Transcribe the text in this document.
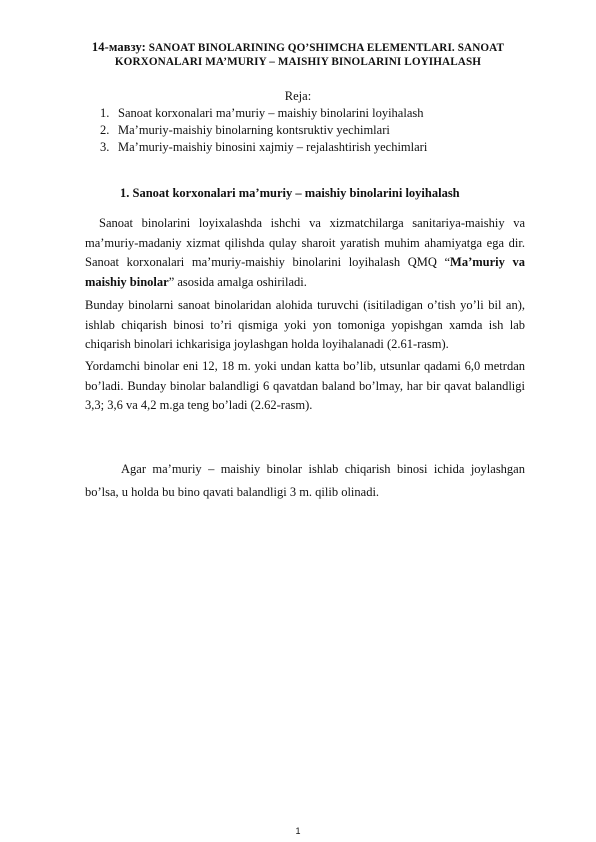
14-мавзу: SANOAT BINOLARINING QO’SHIMCHA ELEMENTLARI. SANOAT KORXONALARI MA’MURIY – MAISHIY BINOLARINI LOYIHALASH
Reja:
1. Sanoat korxonalari ma’muriy – maishiy binolarini loyihalash
2. Ma’muriy-maishiy binolarning kontsruktiv yechimlari
3. Ma’muriy-maishiy binosini xajmiy – rejalashtirish yechimlari
1. Sanoat korxonalari ma’muriy – maishiy binolarini loyihalash

Sanoat binolarini loyixalashda ishchi va xizmatchilarga sanitariya-maishiy va ma’muriy-madaniy xizmat qilishda qulay sharoit yaratish muhim ahamiyatga ega dir. Sanoat korxonalari ma’muriy-maishiy binolarini loyihalash QMQ “Ma’muriy va maishiy binolar” asosida amalga oshiriladi.

Bunday binolarni sanoat binolaridan alohida turuvchi (isitiladigan o’tish yo’li bil an), ishlab chiqarish binosi to’ri qismiga yoki yon tomoniga yopishgan xamda ish lab chiqarish binolari ichkarisiga joylashgan holda loyihalanadi (2.61-rasm).

Yordamchi binolar eni 12, 18 m. yoki undan katta bo’lib, utsunlar qadami 6,0 metrdan bo’ladi. Bunday binolar balandligi 6 qavatdan baland bo’lmay, har bir qavat balandligi 3,3; 3,6 va 4,2 m.ga teng bo’ladi (2.62-rasm).

Agar ma’muriy – maishiy binolar ishlab chiqarish binosi ichida joylashgan bo’lsa, u holda bu bino qavati balandligi 3 m. qilib olinadi.

1
